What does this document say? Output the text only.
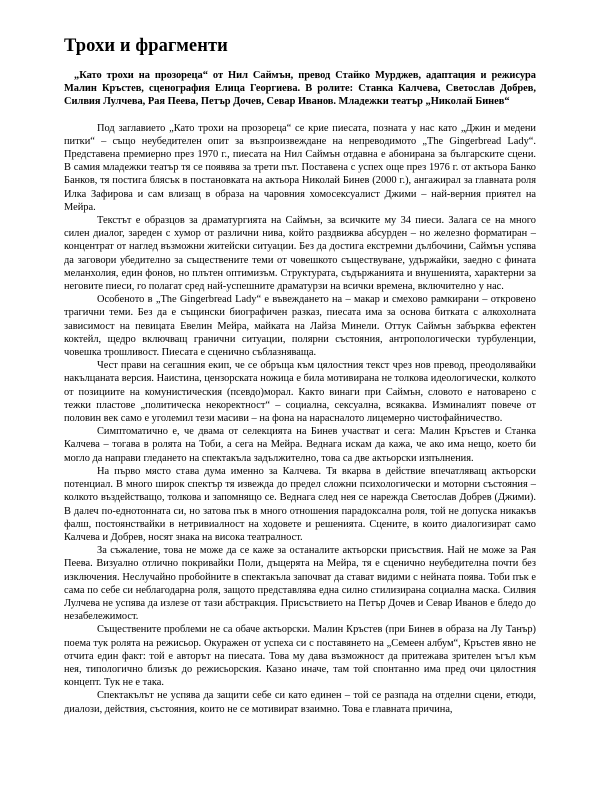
Трохи и фрагменти

„Като трохи на прозореца“ от Нил Саймън, превод Стайко Мурджев, адаптация и режисура Малин Кръстев, сценография Елица Георгиева. В ролите: Станка Калчева, Светослав Добрев, Силвия Лулчева, Рая Пеева, Петър Дочев, Севар Иванов. Младежки театър „Николай Бинев“

Под заглавието „Като трохи на прозореца“ се крие пиесата, позната у нас като „Джин и медени питки“ – също неубедителен опит за възпроизвеждане на непреводимото „The Gingerbread Lady“. Представена премиерно през 1970 г., пиесата на Нил Саймън отдавна е абонирана за българските сцени. В самия младежки театър тя се появява за трети път. Поставена с успех още през 1976 г. от актьора Банко Банков, тя постига блясък в постановката на актьора Николай Бинев (2000 г.), ангажирал за главната роля Илка Зафирова и сам влизащ в образа на чаровния хомосексуалист Джими – най-верния приятел на Мейра.

Текстът е образцов за драматургията на Саймън, за всичките му 34 пиеси. Залага се на много силен диалог, зареден с хумор от различни нива, който раздвижва абсурден – но железно форматиран – концентрат от наглед възможни житейски ситуации. Без да достига екстремни дълбочини, Саймън успява да заговори убедително за съществените теми от човешкото съществуване, удържайки, заедно с фината меланхолия, един фонов, но плътен оптимизъм. Структурата, съдържанията и внушенията, характерни за неговите пиеси, го полагат сред най-успешните драматурзи на всички времена, включително у нас.

Особеното в „The Gingerbread Lady“ е въвеждането на – макар и смехово рамкирани – откровено трагични теми. Без да е същински биографичен разказ, пиесата има за основа битката с алкохолната зависимост на певицата Евелин Мейра, майката на Лайза Минели. Оттук Саймън забърква ефектен коктейл, щедро включващ гранични ситуации, полярни състояния, антропологически турбуленции, човешка трошливост. Пиесата е сценично съблазняваща.

Чест прави на сегашния екип, че се обръща към цялостния текст чрез нов превод, преодолявайки накълцаната версия. Наистина, цензорската ножица е била мотивирана не толкова идеологически, колкото от позициите на комунистическия (псевдо)морал. Както винаги при Саймън, словото е натоварено с тежки пластове „политическа некоректност“ – социална, сексуална, всякаква. Изминалият повече от половин век само е уголемил тези масиви – на фона на нарасналото лицемерно чистофайничество.

Симптоматично е, че двама от селекцията на Бинев участват и сега: Малин Кръстев и Станка Калчева – тогава в ролята на Тоби, а сега на Мейра. Веднага искам да кажа, че ако има нещо, което би могло да направи гледането на спектакъла задължително, това са две актьорски изпълнения.

На първо място става дума именно за Калчева. Тя вкарва в действие впечатляващ актьорски потенциал. В много широк спектър тя извежда до предел сложни психологически и моторни състояния – колкото въздействащо, толкова и запомнящо се. Веднага след нея се нарежда Светослав Добрев (Джими). В далеч по-еднотонната си, но затова пък в много отношения парадоксална роля, той не допуска никакъв фалш, постоянствайки в нетривиалност на ходовете и решенията. Сцените, в които диалогизират само Калчева и Добрев, носят знака на висока театралност.

За съжаление, това не може да се каже за останалите актьорски присъствия. Най не може за Рая Пеева. Визуално отлично покривайки Поли, дъщерята на Мейра, тя е сценично неубедителна почти без изключения. Неслучайно пробойните в спектакъла започват да стават видими с нейната поява. Тоби пък е сама по себе си неблагодарна роля, защото представлява една силно стилизирана социална маска. Силвия Лулчева не успява да излезе от тази абстракция. Присъствието на Петър Дочев и Севар Иванов е бледо до незабележимост.

Съществените проблеми не са обаче актьорски. Малин Кръстев (при Бинев в образа на Лу Танър) поема тук ролята на режисьор. Окуражен от успеха си с поставянето на „Семеен албум“, Кръстев явно не отчита един факт: той е авторът на пиесата. Това му дава възможност да притежава зрителен ъгъл към нея, типологично близък до режисьорския. Казано иначе, там той спонтанно има пред очи цялостния концепт. Тук не е така.

Спектакълът не успява да защити себе си като единен – той се разпада на отделни сцени, етюди, диалози, действия, състояния, които не се мотивират взаимно. Това е главната причина,
